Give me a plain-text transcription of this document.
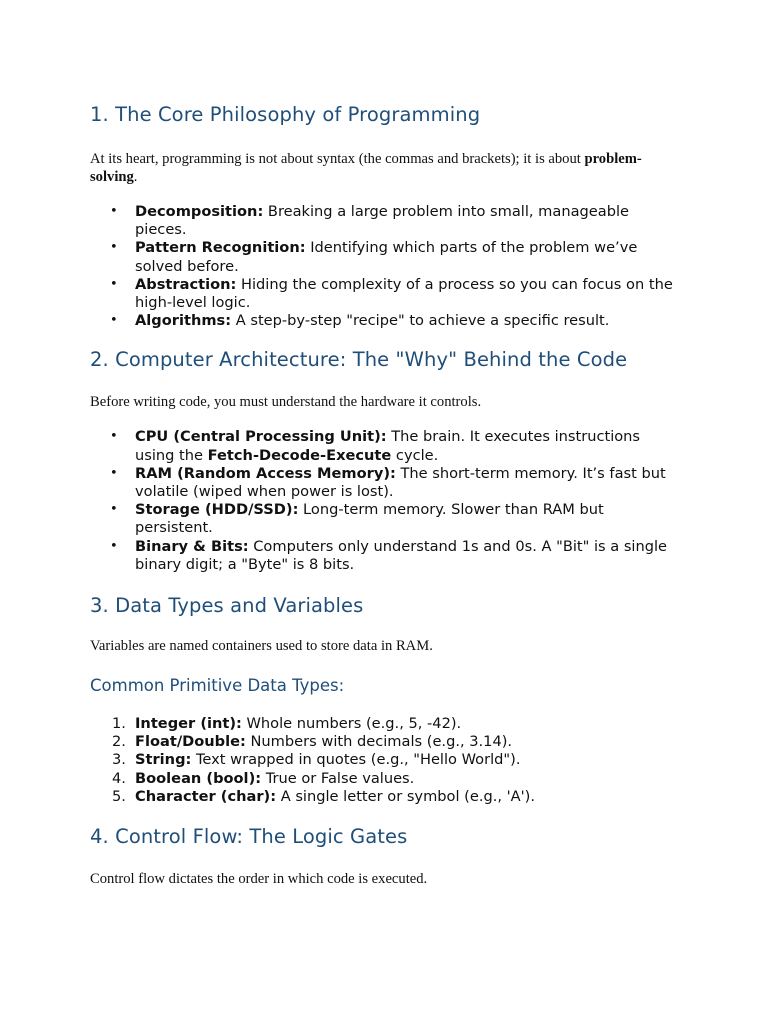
1. The Core Philosophy of Programming

At its heart, programming is not about syntax (the commas and brackets); it is about problem-solving.

• Decomposition: Breaking a large problem into small, manageable pieces.
• Pattern Recognition: Identifying which parts of the problem we’ve solved before.
• Abstraction: Hiding the complexity of a process so you can focus on the high-level logic.
• Algorithms: A step-by-step "recipe" to achieve a specific result.
2. Computer Architecture: The "Why" Behind the Code

Before writing code, you must understand the hardware it controls.

• CPU (Central Processing Unit): The brain. It executes instructions using the Fetch-Decode-Execute cycle.
• RAM (Random Access Memory): The short-term memory. It’s fast but volatile (wiped when power is lost).
• Storage (HDD/SSD): Long-term memory. Slower than RAM but persistent.
• Binary & Bits: Computers only understand 1s and 0s. A "Bit" is a single binary digit; a "Byte" is 8 bits.
3. Data Types and Variables

Variables are named containers used to store data in RAM.

Common Primitive Data Types:
1. Integer (int): Whole numbers (e.g., 5, -42).
2. Float/Double: Numbers with decimals (e.g., 3.14).
3. String: Text wrapped in quotes (e.g., "Hello World").
4. Boolean (bool): True or False values.
5. Character (char): A single letter or symbol (e.g., 'A').
4. Control Flow: The Logic Gates

Control flow dictates the order in which code is executed.
